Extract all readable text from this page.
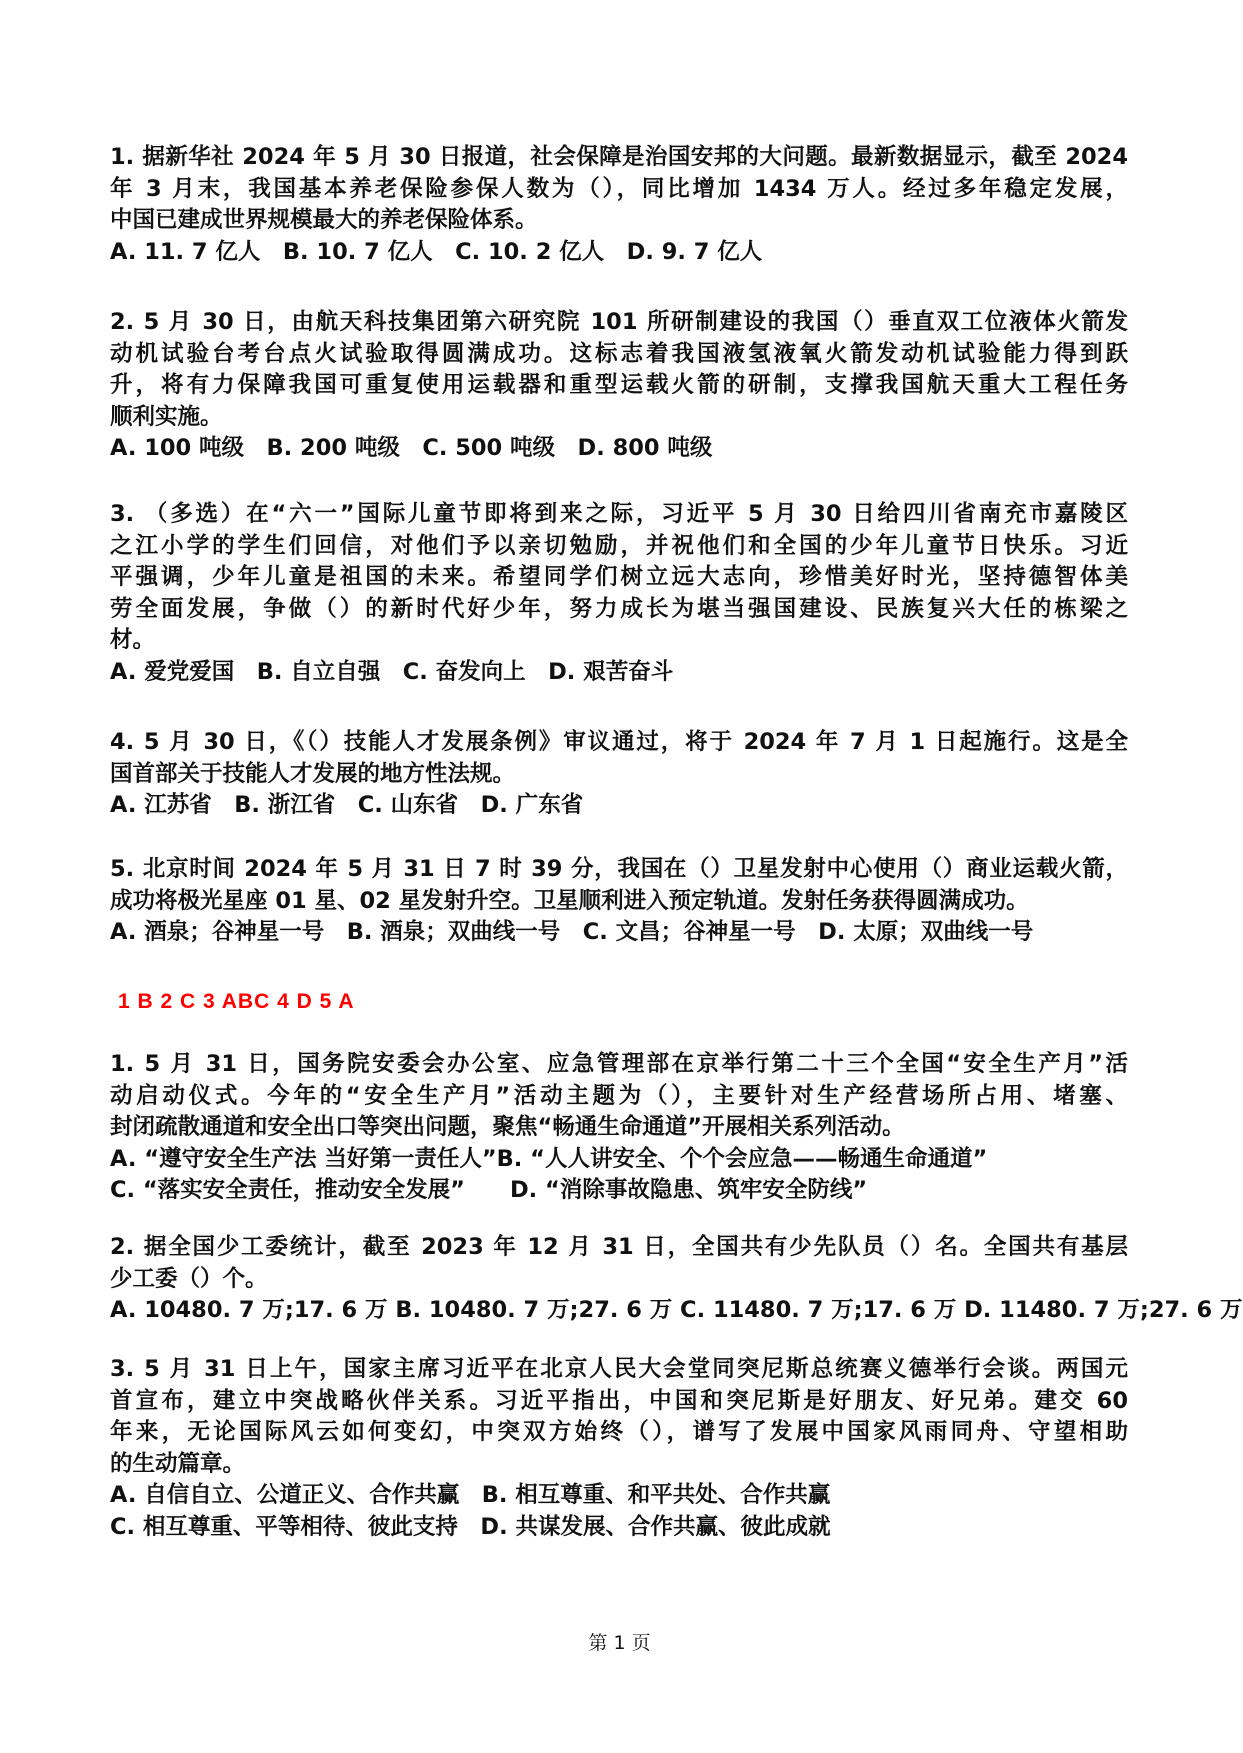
1. 据新华社 2024 年 5 月 30 日报道，社会保障是治国安邦的大问题。最新数据显示，截至 2024
年 3 月末，我国基本养老保险参保人数为（），同比增加 1434 万人。经过多年稳定发展，
中国已建成世界规模最大的养老保险体系。
A. 11. 7 亿人　B. 10. 7 亿人　C. 10. 2 亿人　D. 9. 7 亿人
2. 5 月 30 日，由航天科技集团第六研究院 101 所研制建设的我国（）垂直双工位液体火箭发
动机试验台考台点火试验取得圆满成功。这标志着我国液氢液氧火箭发动机试验能力得到跃
升，将有力保障我国可重复使用运载器和重型运载火箭的研制，支撑我国航天重大工程任务
顺利实施。
A. 100 吨级　B. 200 吨级　C. 500 吨级　D. 800 吨级
3. （多选）在“六一”国际儿童节即将到来之际，习近平 5 月 30 日给四川省南充市嘉陵区
之江小学的学生们回信，对他们予以亲切勉励，并祝他们和全国的少年儿童节日快乐。习近
平强调，少年儿童是祖国的未来。希望同学们树立远大志向，珍惜美好时光，坚持德智体美
劳全面发展，争做（）的新时代好少年，努力成长为堪当强国建设、民族复兴大任的栋梁之
材。
A. 爱党爱国　B. 自立自强　C. 奋发向上　D. 艰苦奋斗
4. 5 月 30 日，《（）技能人才发展条例》审议通过，将于 2024 年 7 月 1 日起施行。这是全
国首部关于技能人才发展的地方性法规。
A. 江苏省　B. 浙江省　C. 山东省　D. 广东省
5. 北京时间 2024 年 5 月 31 日 7 时 39 分，我国在（）卫星发射中心使用（）商业运载火箭，
成功将极光星座 01 星、02 星发射升空。卫星顺利进入预定轨道。发射任务获得圆满成功。
A. 酒泉；谷神星一号　B. 酒泉；双曲线一号　C. 文昌；谷神星一号　D. 太原；双曲线一号
1. 5 月 31 日，国务院安委会办公室、应急管理部在京举行第二十三个全国“安全生产月”活
动启动仪式。今年的“安全生产月”活动主题为（），主要针对生产经营场所占用、堵塞、
封闭疏散通道和安全出口等突出问题，聚焦“畅通生命通道”开展相关系列活动。
A. “遵守安全生产法 当好第一责任人”B. “人人讲安全、个个会应急——畅通生命通道”
C. “落实安全责任，推动安全发展”　　D. “消除事故隐患、筑牢安全防线”
2. 据全国少工委统计，截至 2023 年 12 月 31 日，全国共有少先队员（）名。全国共有基层
少工委（）个。
A. 10480. 7 万;17. 6 万 B. 10480. 7 万;27. 6 万 C. 11480. 7 万;17. 6 万 D. 11480. 7 万;27. 6 万
3. 5 月 31 日上午，国家主席习近平在北京人民大会堂同突尼斯总统赛义德举行会谈。两国元
首宣布，建立中突战略伙伴关系。习近平指出，中国和突尼斯是好朋友、好兄弟。建交 60
年来，无论国际风云如何变幻，中突双方始终（），谱写了发展中国家风雨同舟、守望相助
的生动篇章。
A. 自信自立、公道正义、合作共赢　B. 相互尊重、和平共处、合作共赢
C. 相互尊重、平等相待、彼此支持　D. 共谋发展、合作共赢、彼此成就
1 B 2 C 3 ABC 4 D 5 A
第 1 页
